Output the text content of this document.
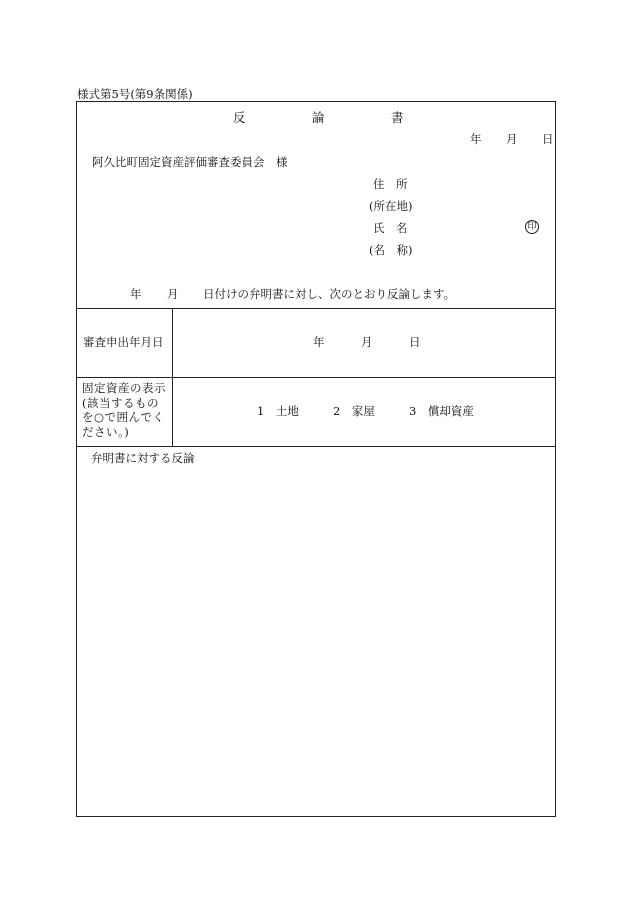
様式第5号(第9条関係)
反	論	書
年 月 日
阿久比町固定資産評価審査委員会　様
住　所
(所在地)
氏　名	印
(名　称)
年 月 日付けの弁明書に対し、次のとおり反論します。
審査申出年月日	年	月	日
固定資産の表示
(該当するもの
を○で囲んでく
ださい。)
1　土地	2　家屋	3　償却資産
弁明書に対する反論
